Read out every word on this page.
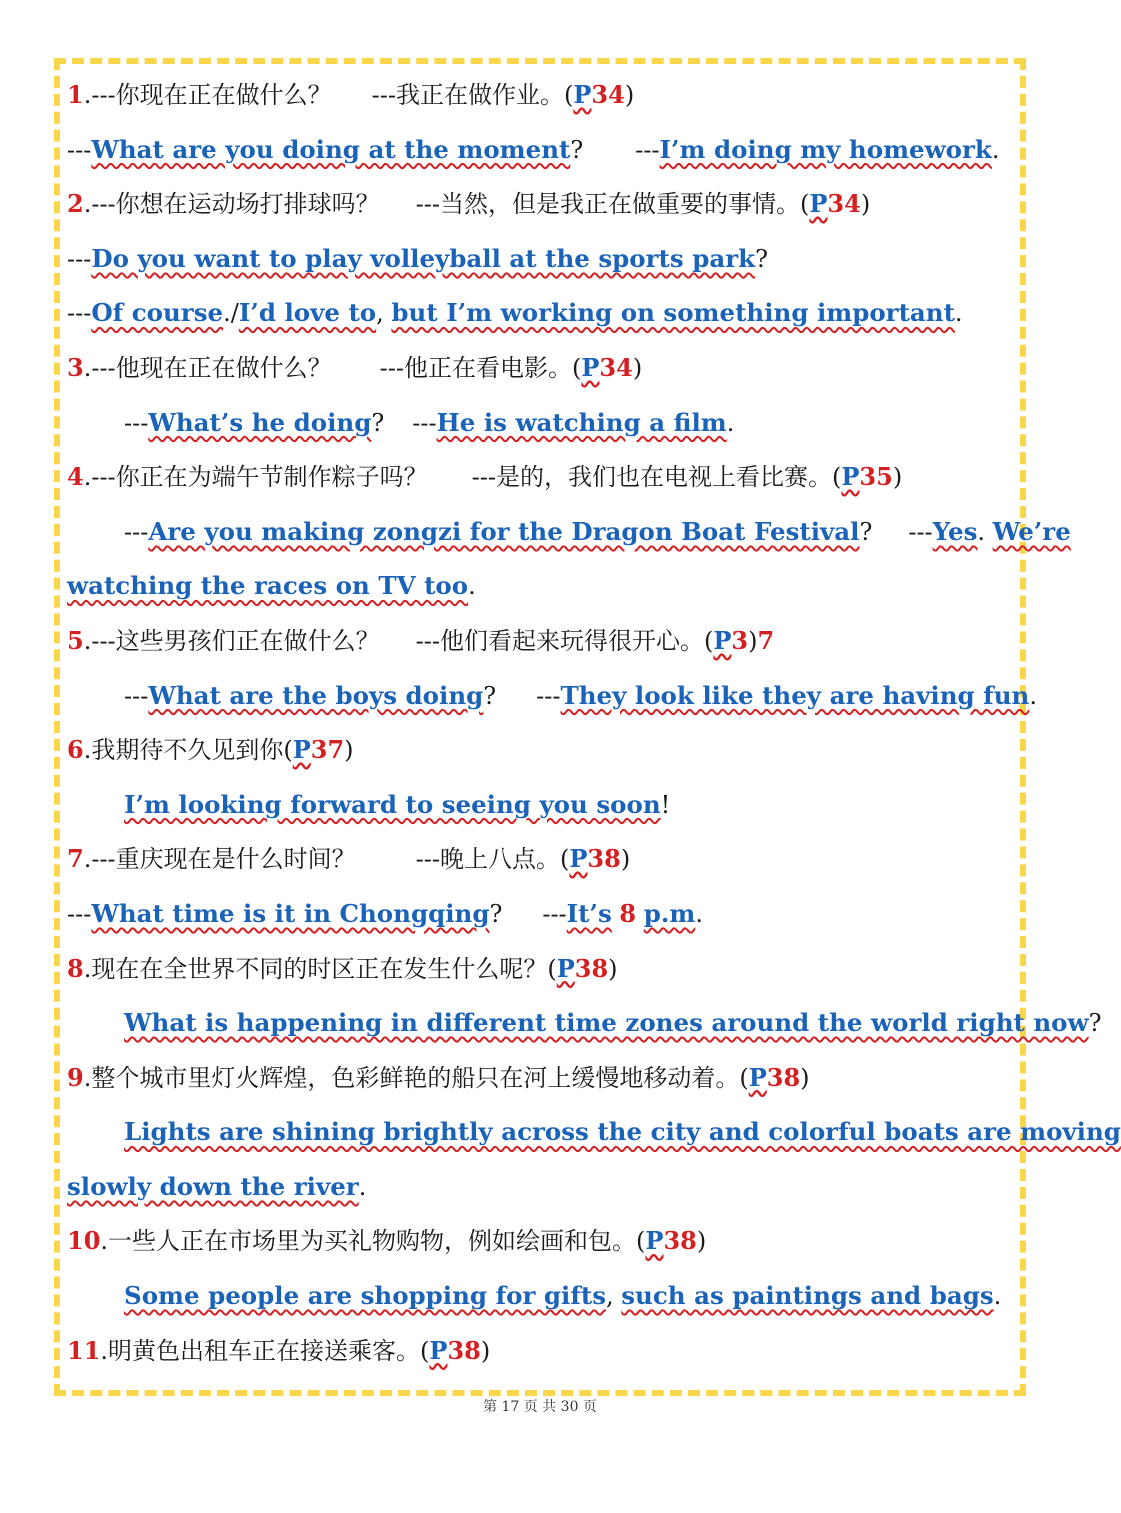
1.---你现在正在做什么？ ---我正在做作业。(P34)
---What are you doing at the moment? ---I’m doing my homework.
2.---你想在运动场打排球吗？ ---当然，但是我正在做重要的事情。(P34)
---Do you want to play volleyball at the sports park?
---Of course./I’d love to, but I’m working on something important.
3.---他现在正在做什么？ ---他正在看电影。(P34)
---What’s he doing? ---He is watching a film.
4.---你正在为端午节制作粽子吗？ ---是的，我们也在电视上看比赛。(P35)
---Are you making zongzi for the Dragon Boat Festival? ---Yes. We’re
watching the races on TV too.
5.---这些男孩们正在做什么？ ---他们看起来玩得很开心。(P3)7
---What are the boys doing? ---They look like they are having fun.
6.我期待不久见到你(P37)
I’m looking forward to seeing you soon!
7.---重庆现在是什么时间？	---晚上八点。(P38)
---What time is it in Chongqing? ---It’s 8 p.m.
8.现在在全世界不同的时区正在发生什么呢？(P38)
What is happening in different time zones around the world right now?
9.整个城市里灯火辉煌，色彩鲜艳的船只在河上缓慢地移动着。(P38)
Lights are shining brightly across the city and colorful boats are moving
slowly down the river.
10.一些人正在市场里为买礼物购物，例如绘画和包。(P38)
Some people are shopping for gifts, such as paintings and bags.
11.明黄色出租车正在接送乘客。(P38)
第 17 页 共 30 页
